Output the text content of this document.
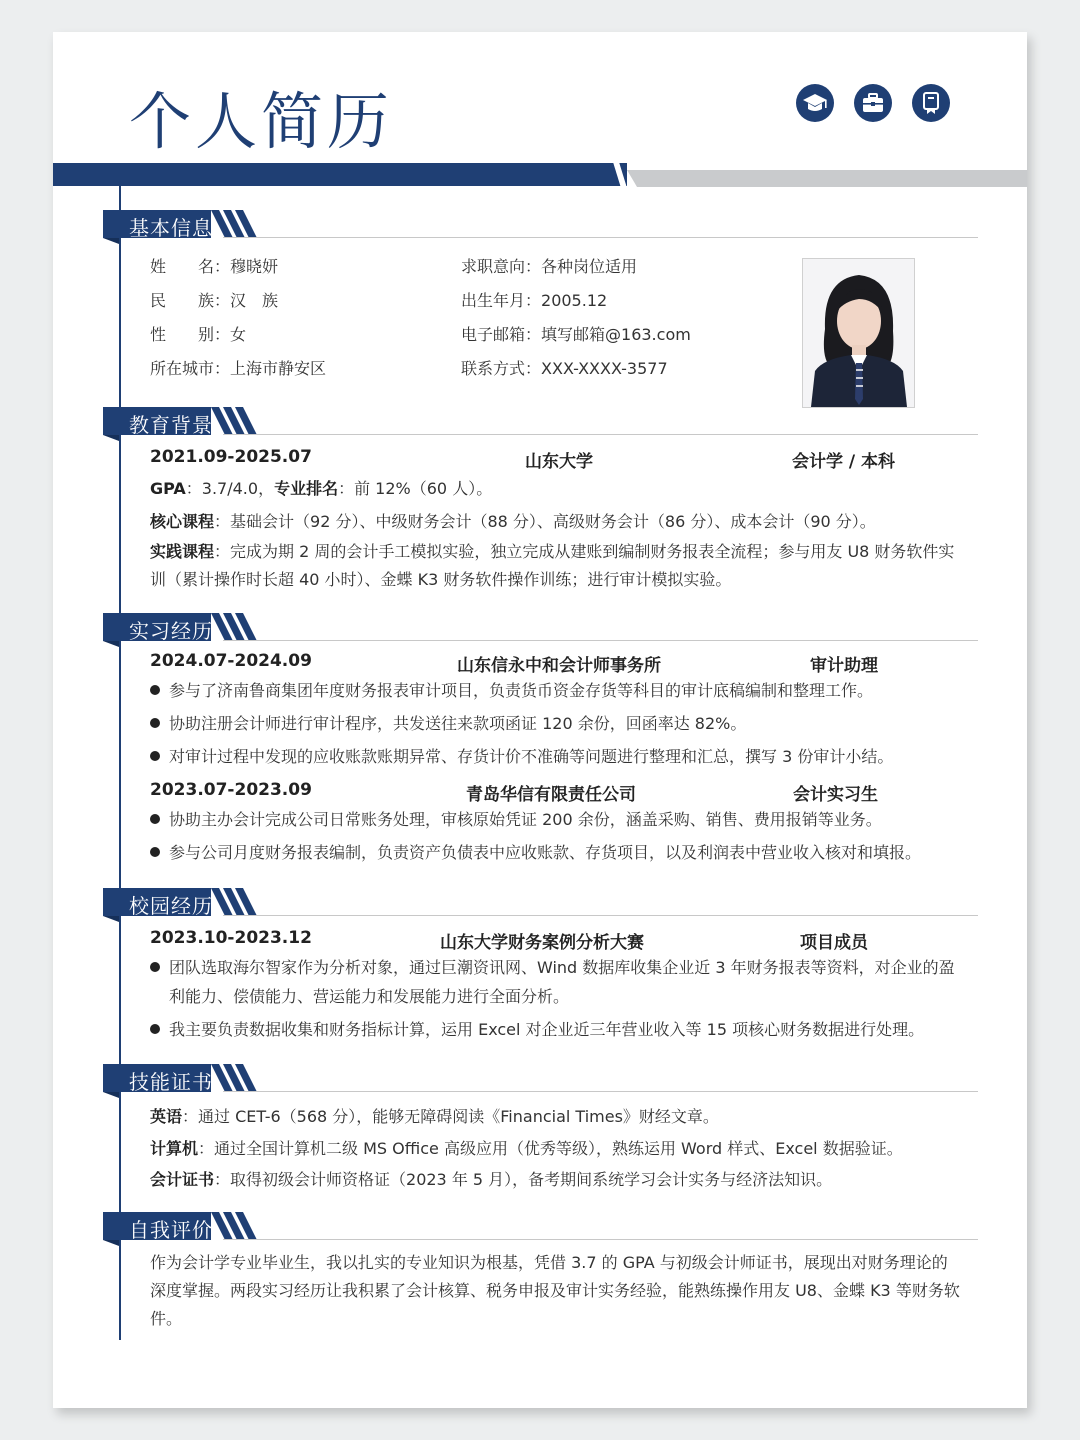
个人简历
基本信息
姓　　名：穆晓妍
民　　族：汉　族
性　　别：女
所在城市：上海市静安区
求职意向：各种岗位适用
出生年月：2005.12
电子邮箱：填写邮箱@163.com
联系方式：XXX-XXXX-3577
教育背景
2021.09-2025.07	山东大学	会计学 / 本科
GPA：3.7/4.0，专业排名：前 12%（60 人）。
核心课程：基础会计（92 分）、中级财务会计（88 分）、高级财务会计（86 分）、成本会计（90 分）。
实践课程：完成为期 2 周的会计手工模拟实验，独立完成从建账到编制财务报表全流程；参与用友 U8 财务软件实训（累计操作时长超 40 小时）、金蝶 K3 财务软件操作训练；进行审计模拟实验。
实习经历
2024.07-2024.09	山东信永中和会计师事务所	审计助理
参与了济南鲁商集团年度财务报表审计项目，负责货币资金存货等科目的审计底稿编制和整理工作。
协助注册会计师进行审计程序，共发送往来款项函证 120 余份，回函率达 82%。
对审计过程中发现的应收账款账期异常、存货计价不准确等问题进行整理和汇总，撰写 3 份审计小结。
2023.07-2023.09	青岛华信有限责任公司	会计实习生
协助主办会计完成公司日常账务处理，审核原始凭证 200 余份，涵盖采购、销售、费用报销等业务。
参与公司月度财务报表编制，负责资产负债表中应收账款、存货项目，以及利润表中营业收入核对和填报。
校园经历
2023.10-2023.12	山东大学财务案例分析大赛	项目成员
团队选取海尔智家作为分析对象，通过巨潮资讯网、Wind 数据库收集企业近 3 年财务报表等资料，对企业的盈利能力、偿债能力、营运能力和发展能力进行全面分析。
我主要负责数据收集和财务指标计算，运用 Excel 对企业近三年营业收入等 15 项核心财务数据进行处理。
技能证书
英语：通过 CET-6（568 分），能够无障碍阅读《Financial Times》财经文章。
计算机：通过全国计算机二级 MS Office 高级应用（优秀等级），熟练运用 Word 样式、Excel 数据验证。
会计证书：取得初级会计师资格证（2023 年 5 月），备考期间系统学习会计实务与经济法知识。
自我评价
作为会计学专业毕业生，我以扎实的专业知识为根基，凭借 3.7 的 GPA 与初级会计师证书，展现出对财务理论的深度掌握。两段实习经历让我积累了会计核算、税务申报及审计实务经验，能熟练操作用友 U8、金蝶 K3 等财务软件。
